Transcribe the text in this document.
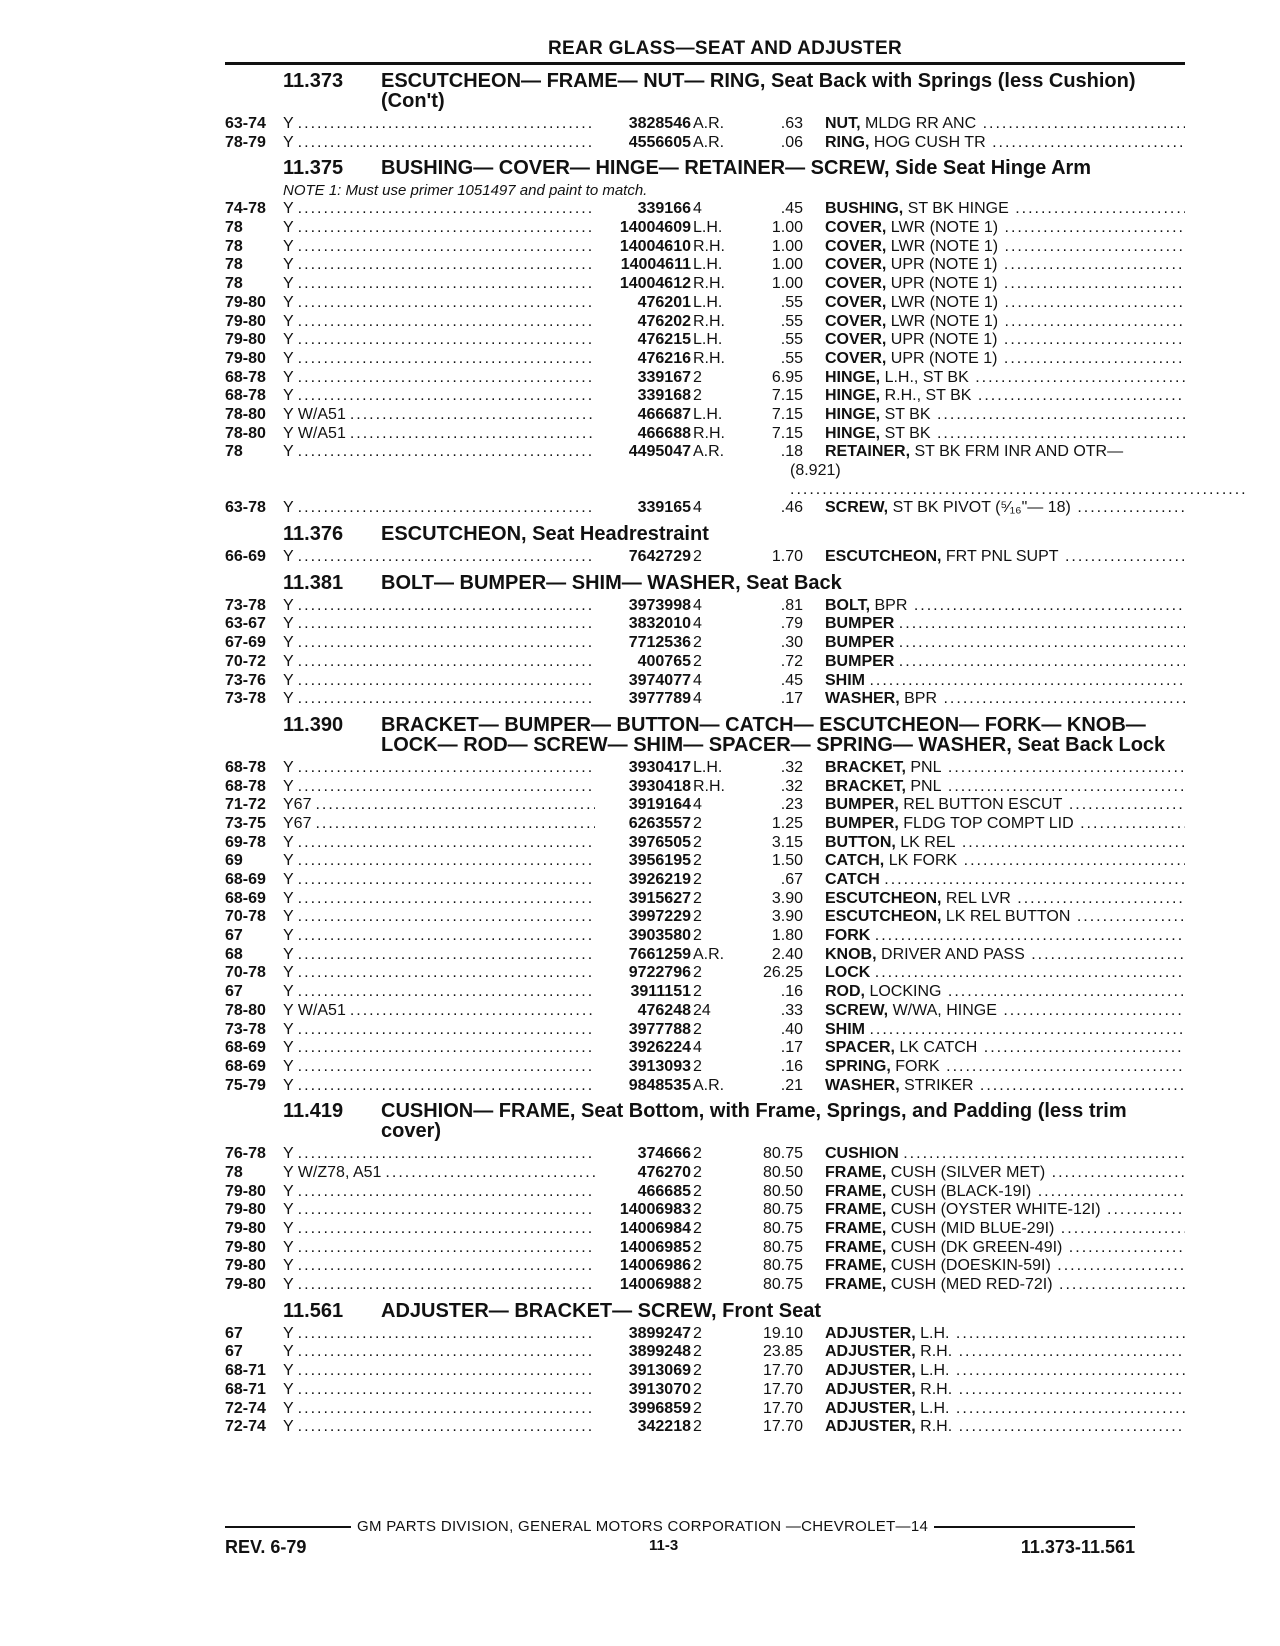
REAR GLASS—SEAT AND ADJUSTER
11.373	ESCUTCHEON— FRAME— NUT— RING, Seat Back with Springs (less Cushion) (Con't)
63-74	Y .....	3828546 A.R.	.63 NUT, MLDG RR ANC .....
78-79	Y .....	4556605 A.R.	.06 RING, HOG CUSH TR .....
11.375	BUSHING— COVER— HINGE— RETAINER— SCREW, Side Seat Hinge Arm
NOTE 1: Must use primer 1051497 and paint to match.
74-78	Y .....	339166 4	.45 BUSHING, ST BK HINGE .....
78	Y .....	14004609 L.H.	1.00 COVER, LWR (NOTE 1) .....
78	Y .....	14004610 R.H.	1.00 COVER, LWR (NOTE 1) .....
78	Y .....	14004611 L.H.	1.00 COVER, UPR (NOTE 1) .....
78	Y .....	14004612 R.H.	1.00 COVER, UPR (NOTE 1) .....
79-80	Y .....	476201 L.H.	.55 COVER, LWR (NOTE 1) .....
79-80	Y .....	476202 R.H.	.55 COVER, LWR (NOTE 1) .....
79-80	Y .....	476215 L.H.	.55 COVER, UPR (NOTE 1) .....
79-80	Y .....	476216 R.H.	.55 COVER, UPR (NOTE 1) .....
68-78	Y .....	339167 2	6.95 HINGE, L.H., ST BK .....
68-78	Y .....	339168 2	7.15 HINGE, R.H., ST BK .....
78-80	Y W/A51 .....	466687 L.H.	7.15 HINGE, ST BK .....
78-80	Y W/A51 .....	466688 R.H.	7.15 HINGE, ST BK .....
78	Y .....	4495047 A.R.	.18 RETAINER, ST BK FRM INR AND OTR—
(8.921) .....
63-78	Y .....	339165 4	.46 SCREW, ST BK PIVOT (⁵⁄₁₆"— 18) .....
11.376	ESCUTCHEON, Seat Headrestraint
66-69	Y .....	7642729 2	1.70 ESCUTCHEON, FRT PNL SUPT .....
11.381	BOLT— BUMPER— SHIM— WASHER, Seat Back
73-78	Y .....	3973998 4	.81 BOLT, BPR .....
63-67	Y .....	3832010 4	.79 BUMPER .....
67-69	Y .....	7712536 2	.30 BUMPER .....
70-72	Y .....	400765 2	.72 BUMPER .....
73-76	Y .....	3974077 4	.45 SHIM .....
73-78	Y .....	3977789 4	.17 WASHER, BPR .....
11.390	BRACKET— BUMPER— BUTTON— CATCH— ESCUTCHEON— FORK— KNOB— LOCK— ROD— SCREW— SHIM— SPACER— SPRING— WASHER, Seat Back Lock
68-78	Y .....	3930417 L.H.	.32 BRACKET, PNL .....
68-78	Y .....	3930418 R.H.	.32 BRACKET, PNL .....
71-72	Y67 .....	3919164 4	.23 BUMPER, REL BUTTON ESCUT .....
73-75	Y67 .....	6263557 2	1.25 BUMPER, FLDG TOP COMPT LID .....
69-78	Y .....	3976505 2	3.15 BUTTON, LK REL .....
69	Y .....	3956195 2	1.50 CATCH, LK FORK .....
68-69	Y .....	3926219 2	.67 CATCH .....
68-69	Y .....	3915627 2	3.90 ESCUTCHEON, REL LVR .....
70-78	Y .....	3997229 2	3.90 ESCUTCHEON, LK REL BUTTON .....
67	Y .....	3903580 2	1.80 FORK .....
68	Y .....	7661259 A.R.	2.40 KNOB, DRIVER AND PASS .....
70-78	Y .....	9722796 2	26.25 LOCK .....
67	Y .....	3911151 2	.16 ROD, LOCKING .....
78-80	Y W/A51 .....	476248 24	.33 SCREW, W/WA, HINGE .....
73-78	Y .....	3977788 2	.40 SHIM .....
68-69	Y .....	3926224 4	.17 SPACER, LK CATCH .....
68-69	Y .....	3913093 2	.16 SPRING, FORK .....
75-79	Y .....	9848535 A.R.	.21 WASHER, STRIKER .....
11.419	CUSHION— FRAME, Seat Bottom, with Frame, Springs, and Padding (less trim cover)
76-78	Y .....	374666 2	80.75 CUSHION .....
78	Y W/Z78, A51 .....	476270 2	80.50 FRAME, CUSH (SILVER MET) .....
79-80	Y .....	466685 2	80.50 FRAME, CUSH (BLACK-19I) .....
79-80	Y .....	14006983 2	80.75 FRAME, CUSH (OYSTER WHITE-12I) .....
79-80	Y .....	14006984 2	80.75 FRAME, CUSH (MID BLUE-29I) .....
79-80	Y .....	14006985 2	80.75 FRAME, CUSH (DK GREEN-49I) .....
79-80	Y .....	14006986 2	80.75 FRAME, CUSH (DOESKIN-59I) .....
79-80	Y .....	14006988 2	80.75 FRAME, CUSH (MED RED-72I) .....
11.561	ADJUSTER— BRACKET— SCREW, Front Seat
67	Y .....	3899247 2	19.10 ADJUSTER, L.H. .....
67	Y .....	3899248 2	23.85 ADJUSTER, R.H. .....
68-71	Y .....	3913069 2	17.70 ADJUSTER, L.H. .....
68-71	Y .....	3913070 2	17.70 ADJUSTER, R.H. .....
72-74	Y .....	3996859 2	17.70 ADJUSTER, L.H. .....
72-74	Y .....	342218 2	17.70 ADJUSTER, R.H. .....
GM PARTS DIVISION, GENERAL MOTORS CORPORATION —CHEVROLET—14
REV. 6-79	11-3	11.373-11.561
